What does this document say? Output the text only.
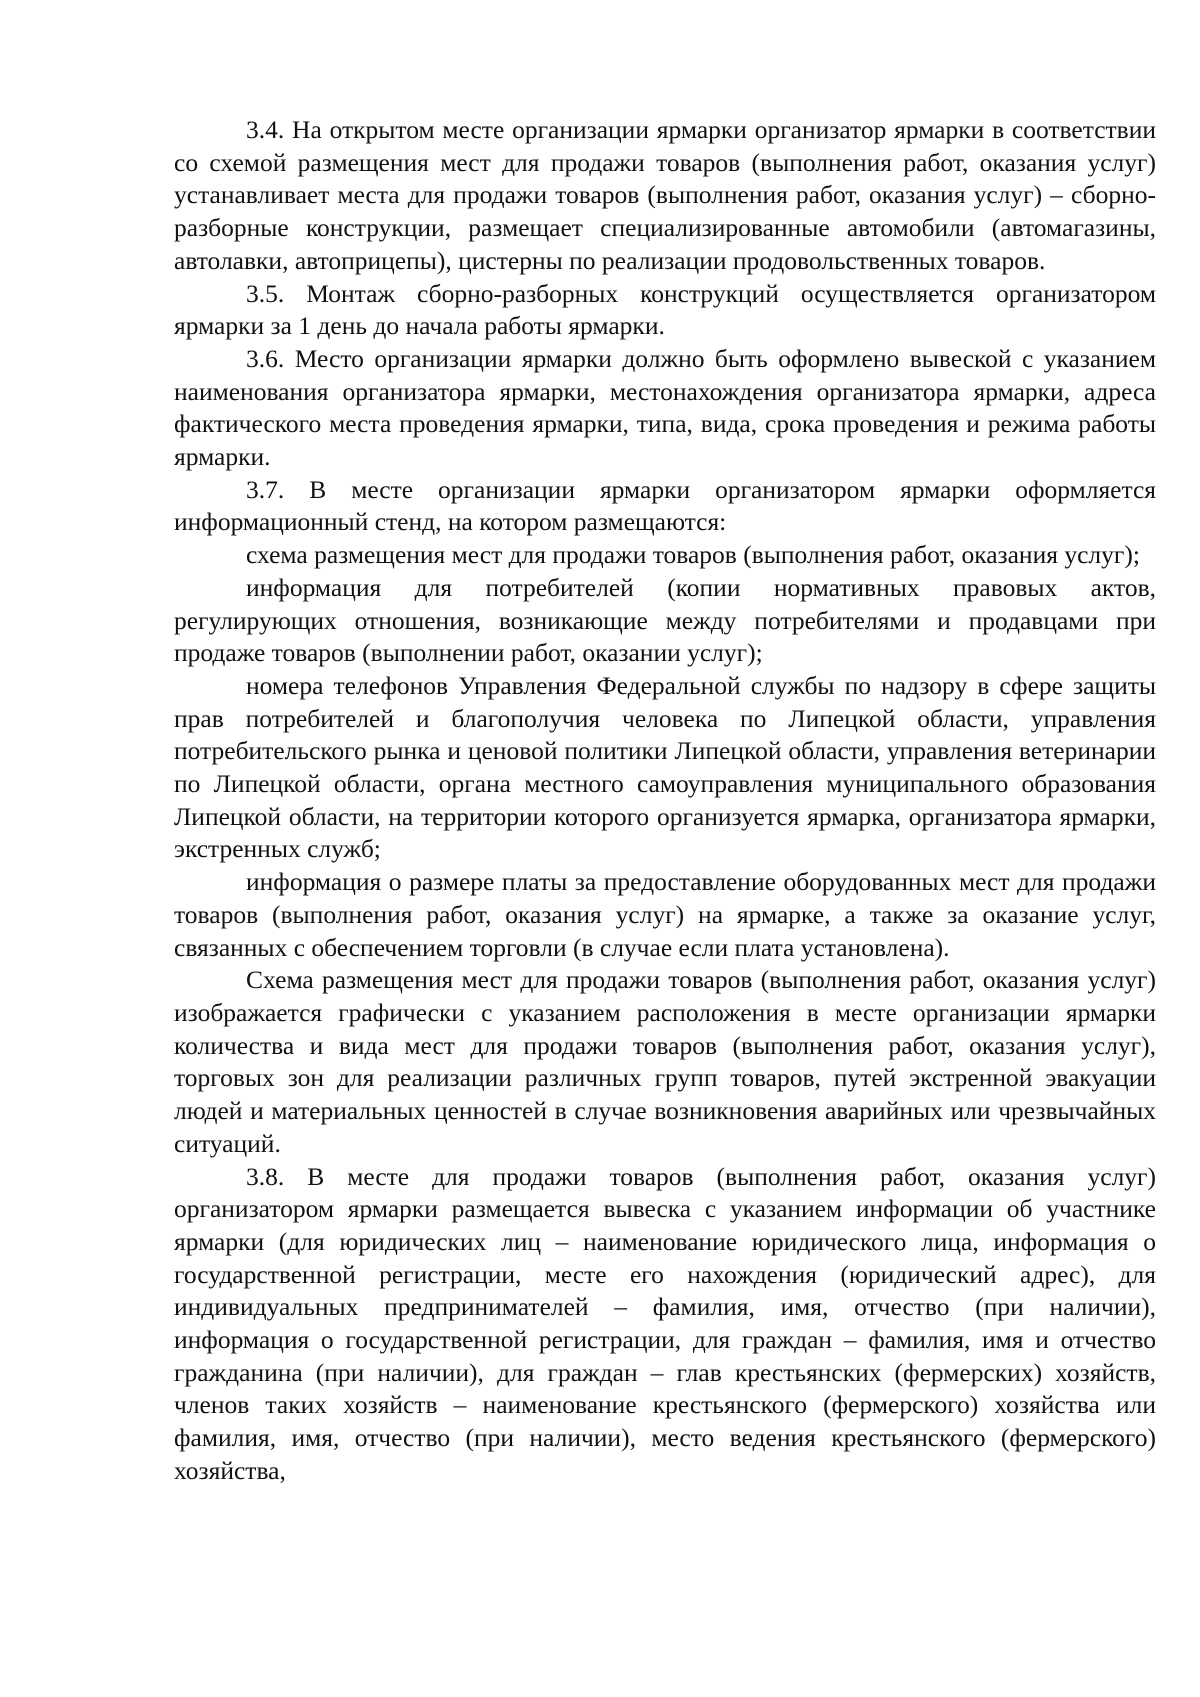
3.4. На открытом месте организации ярмарки организатор ярмарки в соответствии со схемой размещения мест для продажи товаров (выполнения работ, оказания услуг) устанавливает места для продажи товаров (выполнения работ, оказания услуг) – сборно-разборные конструкции, размещает специализированные автомобили (автомагазины, автолавки, автоприцепы), цистерны по реализации продовольственных товаров.

3.5. Монтаж сборно-разборных конструкций осуществляется организатором ярмарки за 1 день до начала работы ярмарки.

3.6. Место организации ярмарки должно быть оформлено вывеской с указанием наименования организатора ярмарки, местонахождения организатора ярмарки, адреса фактического места проведения ярмарки, типа, вида, срока проведения и режима работы ярмарки.

3.7. В месте организации ярмарки организатором ярмарки оформляется информационный стенд, на котором размещаются:

схема размещения мест для продажи товаров (выполнения работ, оказания услуг);

информация для потребителей (копии нормативных правовых актов, регулирующих отношения, возникающие между потребителями и продавцами при продаже товаров (выполнении работ, оказании услуг);

номера телефонов Управления Федеральной службы по надзору в сфере защиты прав потребителей и благополучия человека по Липецкой области, управления потребительского рынка и ценовой политики Липецкой области, управления ветеринарии по Липецкой области, органа местного самоуправления муниципального образования Липецкой области, на территории которого организуется ярмарка, организатора ярмарки, экстренных служб;

информация о размере платы за предоставление оборудованных мест для продажи товаров (выполнения работ, оказания услуг) на ярмарке, а также за оказание услуг, связанных с обеспечением торговли (в случае если плата установлена).

Схема размещения мест для продажи товаров (выполнения работ, оказания услуг) изображается графически с указанием расположения в месте организации ярмарки количества и вида мест для продажи товаров (выполнения работ, оказания услуг), торговых зон для реализации различных групп товаров, путей экстренной эвакуации людей и материальных ценностей в случае возникновения аварийных или чрезвычайных ситуаций.

3.8. В месте для продажи товаров (выполнения работ, оказания услуг) организатором ярмарки размещается вывеска с указанием информации об участнике ярмарки (для юридических лиц – наименование юридического лица, информация о государственной регистрации, месте его нахождения (юридический адрес), для индивидуальных предпринимателей – фамилия, имя, отчество (при наличии), информация о государственной регистрации, для граждан – фамилия, имя и отчество гражданина (при наличии), для граждан – глав крестьянских (фермерских) хозяйств, членов таких хозяйств – наименование крестьянского (фермерского) хозяйства или фамилия, имя, отчество (при наличии), место ведения крестьянского (фермерского) хозяйства,
